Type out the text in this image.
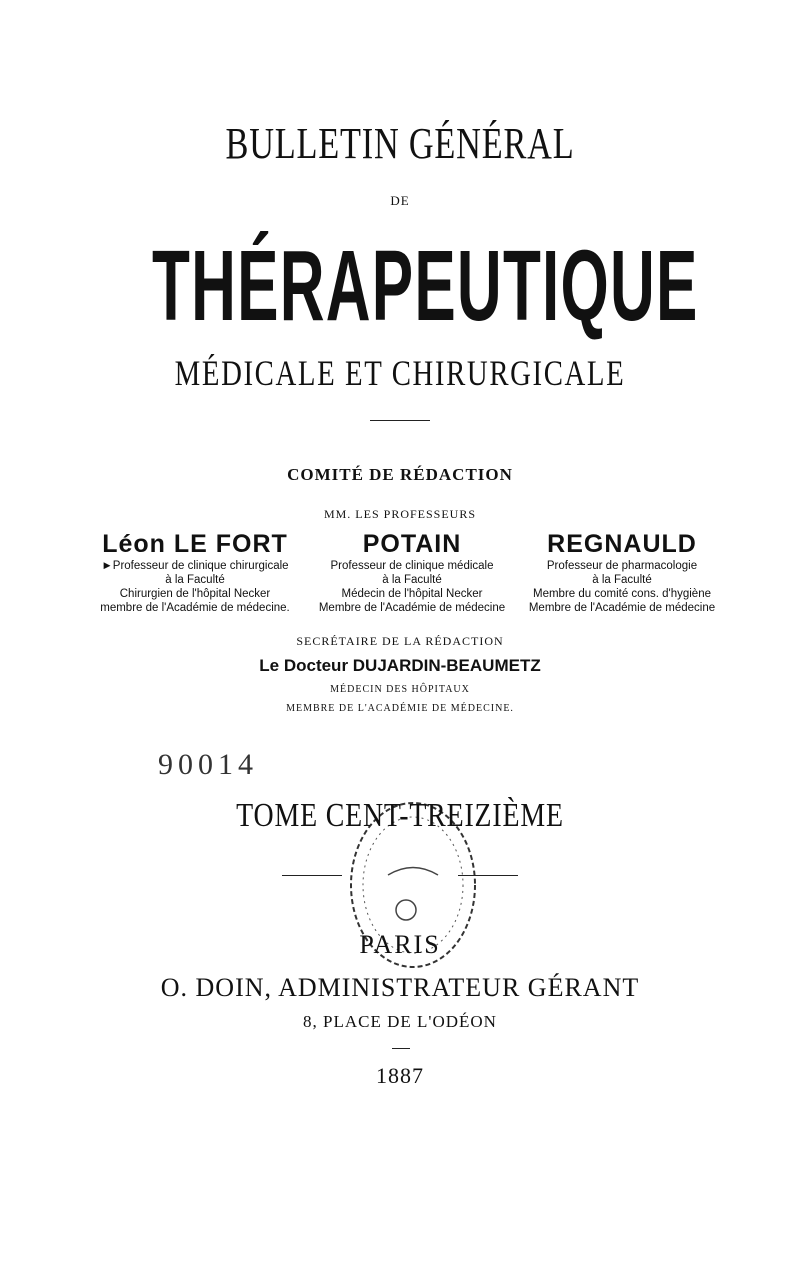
BULLETIN GÉNÉRAL
DE
THÉRAPEUTIQUE
MÉDICALE ET CHIRURGICALE
COMITÉ DE RÉDACTION
MM. LES PROFESSEURS
Léon LE FORT
►Professeur de clinique chirurgicale
à la Faculté
Chirurgien de l'hôpital Necker
membre de l'Académie de médecine.
POTAIN
Professeur de clinique médicale
à la Faculté
Médecin de l'hôpital Necker
Membre de l'Académie de médecine
REGNAULD
Professeur de pharmacologie
à la Faculté
Membre du comité cons. d'hygiène
Membre de l'Académie de médecine
SECRÉTAIRE DE LA RÉDACTION
Le Docteur DUJARDIN-BEAUMETZ
MÉDECIN DES HÔPITAUX
MEMBRE DE L'ACADÉMIE DE MÉDECINE.
90014
TOME CENT-TREIZIÈME
PARIS
O. DOIN, ADMINISTRATEUR GÉRANT
8, PLACE DE L'ODÉON
1887
